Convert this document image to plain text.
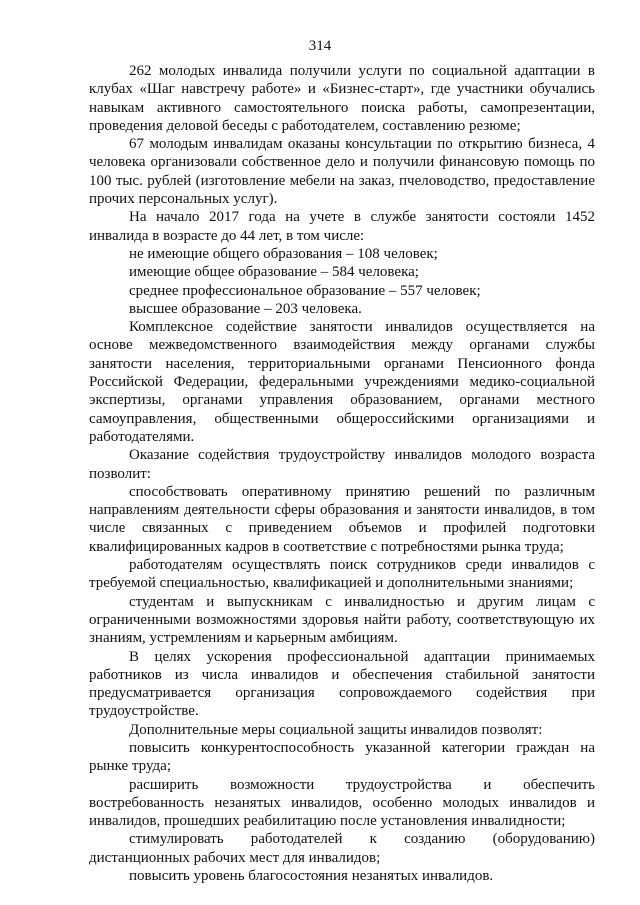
314

262 молодых инвалида получили услуги по социальной адаптации в клубах «Шаг навстречу работе» и «Бизнес-старт», где участники обучались навыкам активного самостоятельного поиска работы, самопрезентации, проведения деловой беседы с работодателем, составлению резюме;

67 молодым инвалидам оказаны консультации по открытию бизнеса, 4 человека организовали собственное дело и получили финансовую помощь по 100 тыс. рублей (изготовление мебели на заказ, пчеловодство, предоставление прочих персональных услуг).

На начало 2017 года на учете в службе занятости состояли 1452 инвалида в возрасте до 44 лет, в том числе:

не имеющие общего образования – 108 человек;

имеющие общее образование – 584 человека;

среднее профессиональное образование – 557 человек;

высшее образование – 203 человека.

Комплексное содействие занятости инвалидов осуществляется на основе межведомственного взаимодействия между органами службы занятости населения, территориальными органами Пенсионного фонда Российской Федерации, федеральными учреждениями медико-социальной экспертизы, органами управления образованием, органами местного самоуправления, общественными общероссийскими организациями и работодателями.

Оказание содействия трудоустройству инвалидов молодого возраста позволит:

способствовать оперативному принятию решений по различным направлениям деятельности сферы образования и занятости инвалидов, в том числе связанных с приведением объемов и профилей подготовки квалифицированных кадров в соответствие с потребностями рынка труда;

работодателям осуществлять поиск сотрудников среди инвалидов с требуемой специальностью, квалификацией и дополнительными знаниями;

студентам и выпускникам с инвалидностью и другим лицам с ограниченными возможностями здоровья найти работу, соответствующую их знаниям, устремлениям и карьерным амбициям.

В целях ускорения профессиональной адаптации принимаемых работников из числа инвалидов и обеспечения стабильной занятости предусматривается организация сопровождаемого содействия при трудоустройстве.

Дополнительные меры социальной защиты инвалидов позволят:

повысить конкурентоспособность указанной категории граждан на рынке труда;

расширить возможности трудоустройства и обеспечить востребованность незанятых инвалидов, особенно молодых инвалидов и инвалидов, прошедших реабилитацию после установления инвалидности;

стимулировать работодателей к созданию (оборудованию) дистанционных рабочих мест для инвалидов;

повысить уровень благосостояния незанятых инвалидов.
